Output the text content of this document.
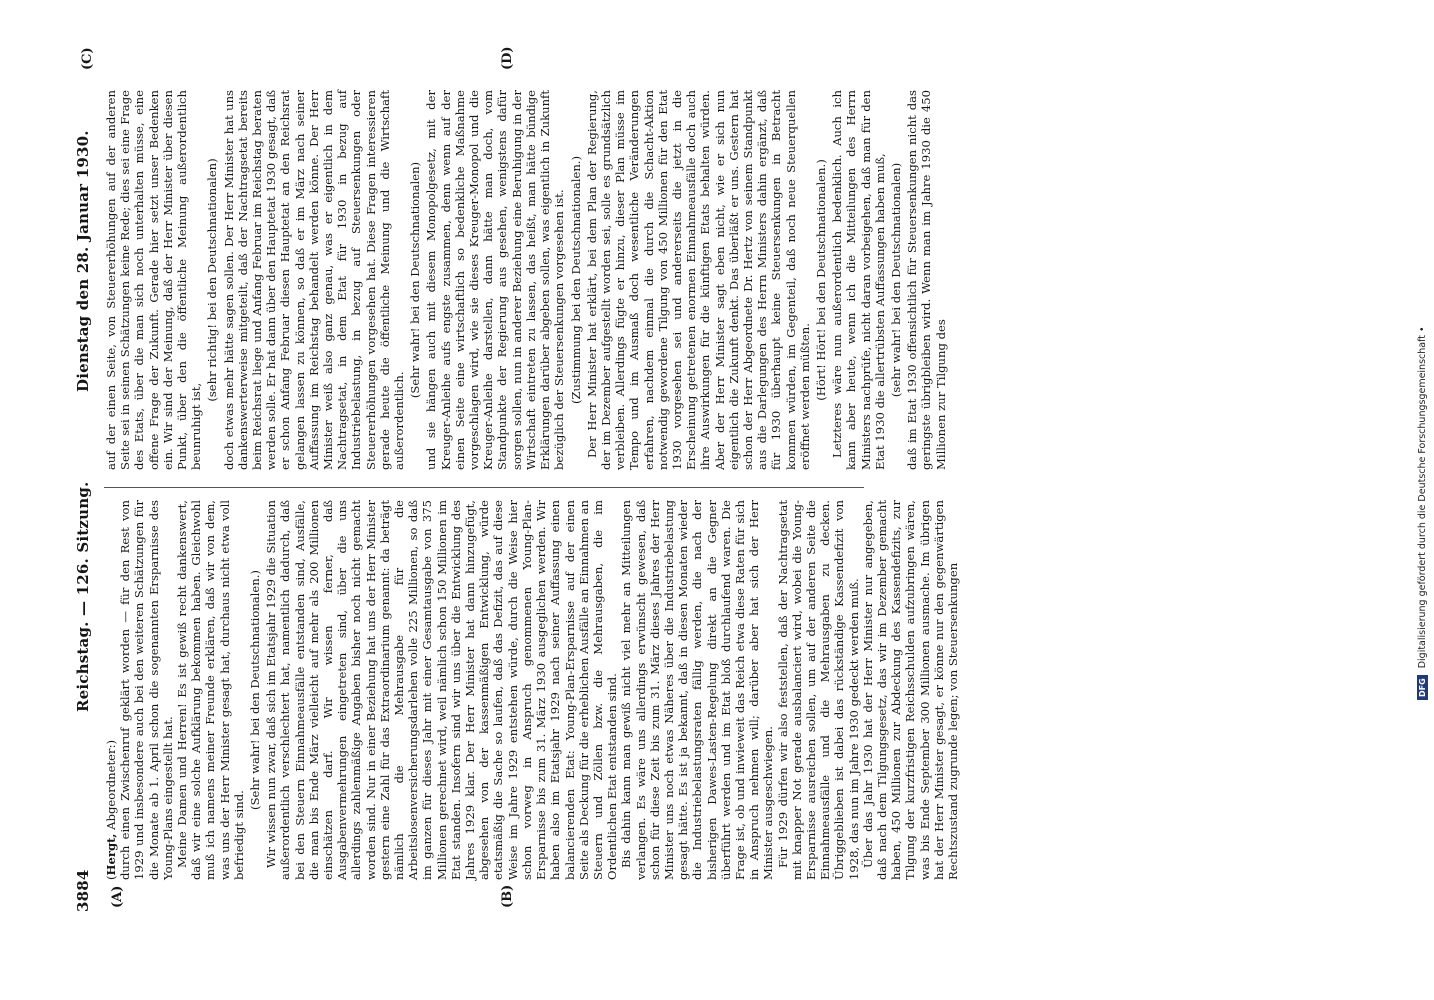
3884
Reichstag. — 126. Sitzung.
Dienstag den 28. Januar 1930.
(A)	(B)
(C)	(D)

(Hergt, Abgeordneter:) durch einen Zwischenruf geklärt worden — für den Rest von 1929 und insbesondere auch bei den weiteren Schätzungen für die Monate ab 1. April schon die sogenannten Ersparnisse des Young-Plans eingestellt hat. Meine Damen und Herren! Es ist gewiß recht dankenswert, daß wir eine solche Aufklärung bekommen haben. Gleichwohl muß ich namens meiner Freunde erklären, daß wir von dem, was uns der Herr Minister gesagt hat, durchaus nicht etwa voll befriedigt sind.

(Sehr wahr! bei den Deutschnationalen.) Wir wissen nun zwar, daß sich im Etatsjahr 1929 die Situation außerordentlich verschlechtert hat, namentlich dadurch, daß bei den Steuern Einnahmeausfälle entstanden sind, Ausfälle, die man bis Ende März vielleicht auf mehr als 200 Millionen einschätzen darf. Wir wissen ferner, daß Ausgabenvermehrungen eingetreten sind, über die uns allerdings zahlenmäßige Angaben bisher noch nicht gemacht worden sind. Nur in einer Beziehung hat uns der Herr Minister gestern eine Zahl für das Extraordinarium genannt: da beträgt nämlich die Mehrausgabe für die Arbeitslosenversicherungsdarlehen volle 225 Millionen, so daß im ganzen für dieses Jahr mit einer Gesamtausgabe von 375 Millionen gerechnet wird, weil nämlich schon 150 Millionen im Etat standen. Insofern sind wir uns über die Entwicklung des Jahres 1929 klar. Der Herr Minister hat dann hinzugefügt, abgesehen von der kassenmäßigen Entwicklung, würde etatsmäßig die Sache so laufen, daß das Defizit, das auf diese Weise im Jahre 1929 entstehen würde, durch die Weise hier schon vorweg in Anspruch genommenen Young-Plan-Ersparnisse bis zum 31. März 1930 ausgeglichen werden. Wir haben also im Etatsjahr 1929 nach seiner Auffassung einen balancierenden Etat: Young-Plan-Ersparnisse auf der einen Seite als Deckung für die erheblichen Ausfälle an Einnahmen an Steuern und Zöllen bzw. die Mehrausgaben, die im Ordentlichen Etat entstanden sind. Bis dahin kann man gewiß nicht viel mehr an Mitteilungen verlangen. Es wäre uns allerdings erwünscht gewesen, daß schon für diese Zeit bis zum 31. März dieses Jahres der Herr Minister uns noch etwas Näheres über die Industriebelastung gesagt hätte. Es ist ja bekannt, daß in diesen Monaten wieder die Industriebelastungsraten fällig werden, die nach der bisherigen Dawes-Lasten-Regelung direkt an die Gegner überführt werden und im Etat bloß durchlaufend waren. Die Frage ist, ob und inwieweit das Reich etwa diese Raten für sich in Anspruch nehmen will; darüber aber hat sich der Herr Minister ausgeschwiegen. Für 1929 dürfen wir also feststellen, daß der Nachtragsetat mit knapper Not gerade ausbalanciert wird, wobei die Young-Ersparnisse ausreichen sollen, um auf der anderen Seite die Einnahmeausfälle und die Mehrausgaben zu decken. Übriggeblieben ist dabei das rückständige Kassendefizit von 1928, das nun im Jahre 1930 gedeckt werden muß. Über das Jahr 1930 hat der Herr Minister nur angegeben, daß nach dem Tilgungsgesetz, das wir im Dezember gemacht haben, 450 Millionen zur Abdeckung des Kassendefizits, zur Tilgung der kurzfristigen Reichsschulden aufzubringen wären, was bis Ende September 300 Millionen ausmache. Im übrigen hat der Herr Minister gesagt, er könne nur den gegenwärtigen Rechtszustand zugrunde legen; von Steuersenkungen

auf der einen Seite, von Steuererhöhungen auf der anderen Seite sei in seinen Schätzungen keine Rede; dies sei eine Frage des Etats, über die man sich noch unterhalten müsse, eine offene Frage der Zukunft. Gerade hier setzt unser Bedenken ein. Wir sind der Meinung, daß der Herr Minister über diesen Punkt, über den die öffentliche Meinung außerordentlich beunruhigt ist,

(sehr richtig! bei den Deutschnationalen) doch etwas mehr hätte sagen sollen. Der Herr Minister hat uns dankenswerterweise mitgeteilt, daß der Nachtragsetat bereits beim Reichsrat liege und Anfang Februar im Reichstag beraten werden solle. Er hat dann über den Hauptetat 1930 gesagt, daß er schon Anfang Februar diesen Hauptetat an den Reichsrat gelangen lassen zu können, so daß er im März nach seiner Auffassung im Reichstag behandelt werden könne. Der Herr Minister weiß also ganz genau, was er eigentlich in dem Nachtragsetat, in dem Etat für 1930 in bezug auf Industriebelastung, in bezug auf Steuersenkungen oder Steuererhöhungen vorgesehen hat. Diese Fragen interessieren gerade heute die öffentliche Meinung und die Wirtschaft außerordentlich.

(Sehr wahr! bei den Deutschnationalen) und sie hängen auch mit diesem Monopolgesetz, mit der Kreuger-Anleihe aufs engste zusammen, denn wenn auf der einen Seite eine wirtschaftlich so bedenkliche Maßnahme vorgeschlagen wird, wie sie dieses Kreuger-Monopol und die Kreuger-Anleihe darstellen, dann hätte man doch, vom Standpunkte der Regierung aus gesehen, wenigstens dafür sorgen sollen, nun in anderer Beziehung eine Beruhigung in der Wirtschaft eintreten zu lassen, das heißt, man hätte bündige Erklärungen darüber abgeben sollen, was eigentlich in Zukunft bezüglich der Steuersenkungen vorgesehen ist. (Zustimmung bei den Deutschnationalen.) Der Herr Minister hat erklärt, bei dem Plan der Regierung, der im Dezember aufgestellt worden sei, solle es grundsätzlich verbleiben. Allerdings fügte er hinzu, dieser Plan müsse im Tempo und im Ausmaß doch wesentliche Veränderungen erfahren, nachdem einmal die durch die Schacht-Aktion notwendig gewordene Tilgung von 450 Millionen für den Etat 1930 vorgesehen sei und andererseits die jetzt in die Erscheinung getretenen enormen Einnahmeausfälle doch auch ihre Auswirkungen für die künftigen Etats behalten würden. Aber der Herr Minister sagt eben nicht, wie er sich nun eigentlich die Zukunft denkt. Das überläßt er uns. Gestern hat schon der Herr Abgeordnete Dr. Hertz von seinem Standpunkt aus die Darlegungen des Herrn Ministers dahin ergänzt, daß für 1930 überhaupt keine Steuersenkungen in Betracht kommen würden, im Gegenteil, daß noch neue Steuerquellen eröffnet werden müßten. (Hört! Hört! bei den Deutschnationalen.) Letzteres wäre nun außerordentlich bedenklich. Auch ich kann aber heute, wenn ich die Mitteilungen des Herrn Ministers nachprüfe, nicht daran vorbeigehen, daß man für den Etat 1930 die allertrübsten Auffassungen haben muß, (sehr wahr! bei den Deutschnationalen) daß im Etat 1930 offensichtlich für Steuersenkungen nicht das geringste übrigbleiben wird. Wenn man im Jahre 1930 die 450 Millionen zur Tilgung des

DFG Digitalisierung gefördert durch die Deutsche Forschungsgemeinschaft •
